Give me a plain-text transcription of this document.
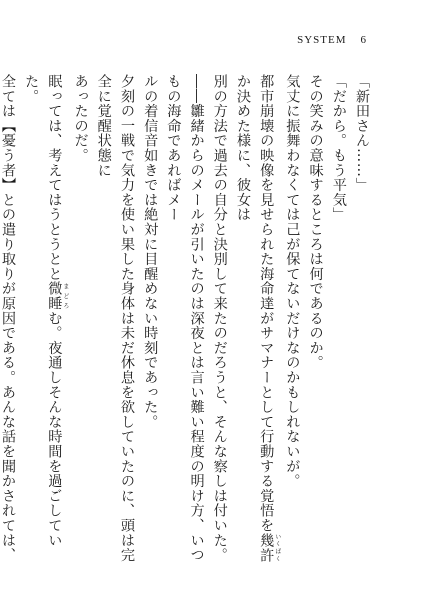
SYSTEM 6

「新田さん……」

「だから。もう平気」

その笑みの意味するところは何であるのか。

気丈に振舞わなくては己が保てないだけなのかもしれないが。

都市崩壊の映像を見せられた海命達がサマナーとして行動する覚悟を幾許 いくばくか決めた様に、彼女は

別の方法で過去の自分と決別して来たのだろうと、そんな察しは付いた。

――雛緒からのメールが引いたのは深夜とは言い難い程度の明け方、いつもの海命であればメー

ルの着信音如きでは絶対に目醒めない時刻であった。

夕刻の一戦で気力を使い果した身体は未だ休息を欲していたのに、頭は完全に覚醒状態に

あったのだ。

眠っては、考えてはうとうとと微睡 まどろむ。夜通しそんな時間を過ごしていた。

全ては【憂う者】との遣り取りが原因である。あんな話を聞かされては、
